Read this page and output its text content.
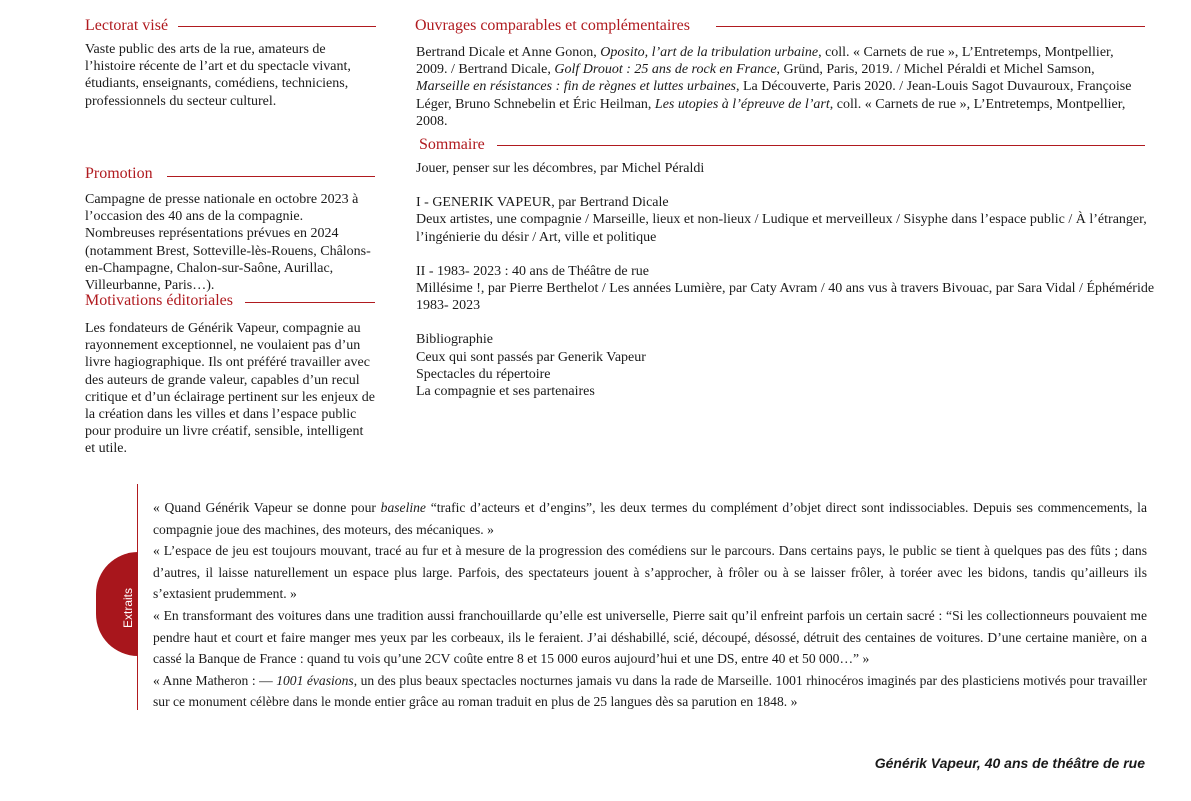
Lectorat visé
Vaste public des arts de la rue, amateurs de l’histoire récente de l’art et du spectacle vivant, étudiants, enseignants, comédiens, techniciens, professionnels du secteur culturel.
Promotion
Campagne de presse nationale en octobre 2023 à l’occasion des 40 ans de la compagnie. Nombreuses représentations prévues en 2024 (notamment Brest, Sotteville-lès-Rouens, Châlons-en-Champagne, Chalon-sur-Saône, Aurillac, Villeurbanne, Paris…).
Motivations éditoriales
Les fondateurs de Générik Vapeur, compagnie au rayonnement exceptionnel, ne voulaient pas d’un livre hagiographique. Ils ont préféré travailler avec des auteurs de grande valeur, capables d’un recul critique et d’un éclairage pertinent sur les enjeux de la création dans les villes et dans l’espace public pour produire un livre créatif, sensible, intelligent et utile.
Ouvrages comparables et complémentaires
Bertrand Dicale et Anne Gonon, Oposito, l’art de la tribulation urbaine, coll. « Carnets de rue », L’Entretemps, Montpellier, 2009. / Bertrand Dicale, Golf Drouot : 25 ans de rock en France, Gründ, Paris, 2019. / Michel Péraldi et Michel Samson, Marseille en résistances : fin de règnes et luttes urbaines, La Découverte, Paris 2020. / Jean-Louis Sagot Duvauroux, Françoise Léger, Bruno Schnebelin et Éric Heilman, Les utopies à l’épreuve de l’art, coll. « Carnets de rue », L’Entretemps, Montpellier, 2008.
Sommaire
Jouer, penser sur les décombres, par Michel Péraldi
I - GENERIK VAPEUR, par Bertrand Dicale
Deux artistes, une compagnie / Marseille, lieux et non-lieux / Ludique et merveilleux / Sisyphe dans l’espace public / À l’étranger, l’ingénierie du désir / Art, ville et politique
II - 1983- 2023 : 40 ans de Théâtre de rue
Millésime !, par Pierre Berthelot / Les années Lumière, par Caty Avram / 40 ans vus à travers Bivouac, par Sara Vidal / Éphéméride 1983- 2023
Bibliographie
Ceux qui sont passés par Generik Vapeur
Spectacles du répertoire
La compagnie et ses partenaires
Extraits

« Quand Générik Vapeur se donne pour baseline “trafic d’acteurs et d’engins”, les deux termes du complément d’objet direct sont indissociables. Depuis ses commencements, la compagnie joue des machines, des moteurs, des mécaniques. »

« L’espace de jeu est toujours mouvant, tracé au fur et à mesure de la progression des comédiens sur le parcours. Dans certains pays, le public se tient à quelques pas des fûts ; dans d’autres, il laisse naturellement un espace plus large. Parfois, des spectateurs jouent à s’approcher, à frôler ou à se laisser frôler, à toréer avec les bidons, tandis qu’ailleurs ils s’extasient prudemment. »

« En transformant des voitures dans une tradition aussi franchouillarde qu’elle est universelle, Pierre sait qu’il enfreint parfois un certain sacré : “Si les collectionneurs pouvaient me pendre haut et court et faire manger mes yeux par les corbeaux, ils le feraient. J’ai déshabillé, scié, découpé, désossé, détruit des centaines de voitures. D’une certaine manière, on a cassé la Banque de France : quand tu vois qu’une 2CV coûte entre 8 et 15 000 euros aujourd’hui et une DS, entre 40 et 50 000…” »

« Anne Matheron : — 1001 évasions, un des plus beaux spectacles nocturnes jamais vu dans la rade de Marseille. 1001 rhinocéros imaginés par des plasticiens motivés pour travailler sur ce monument célèbre dans le monde entier grâce au roman traduit en plus de 25 langues dès sa parution en 1848. »

Générik Vapeur, 40 ans de théâtre de rue
